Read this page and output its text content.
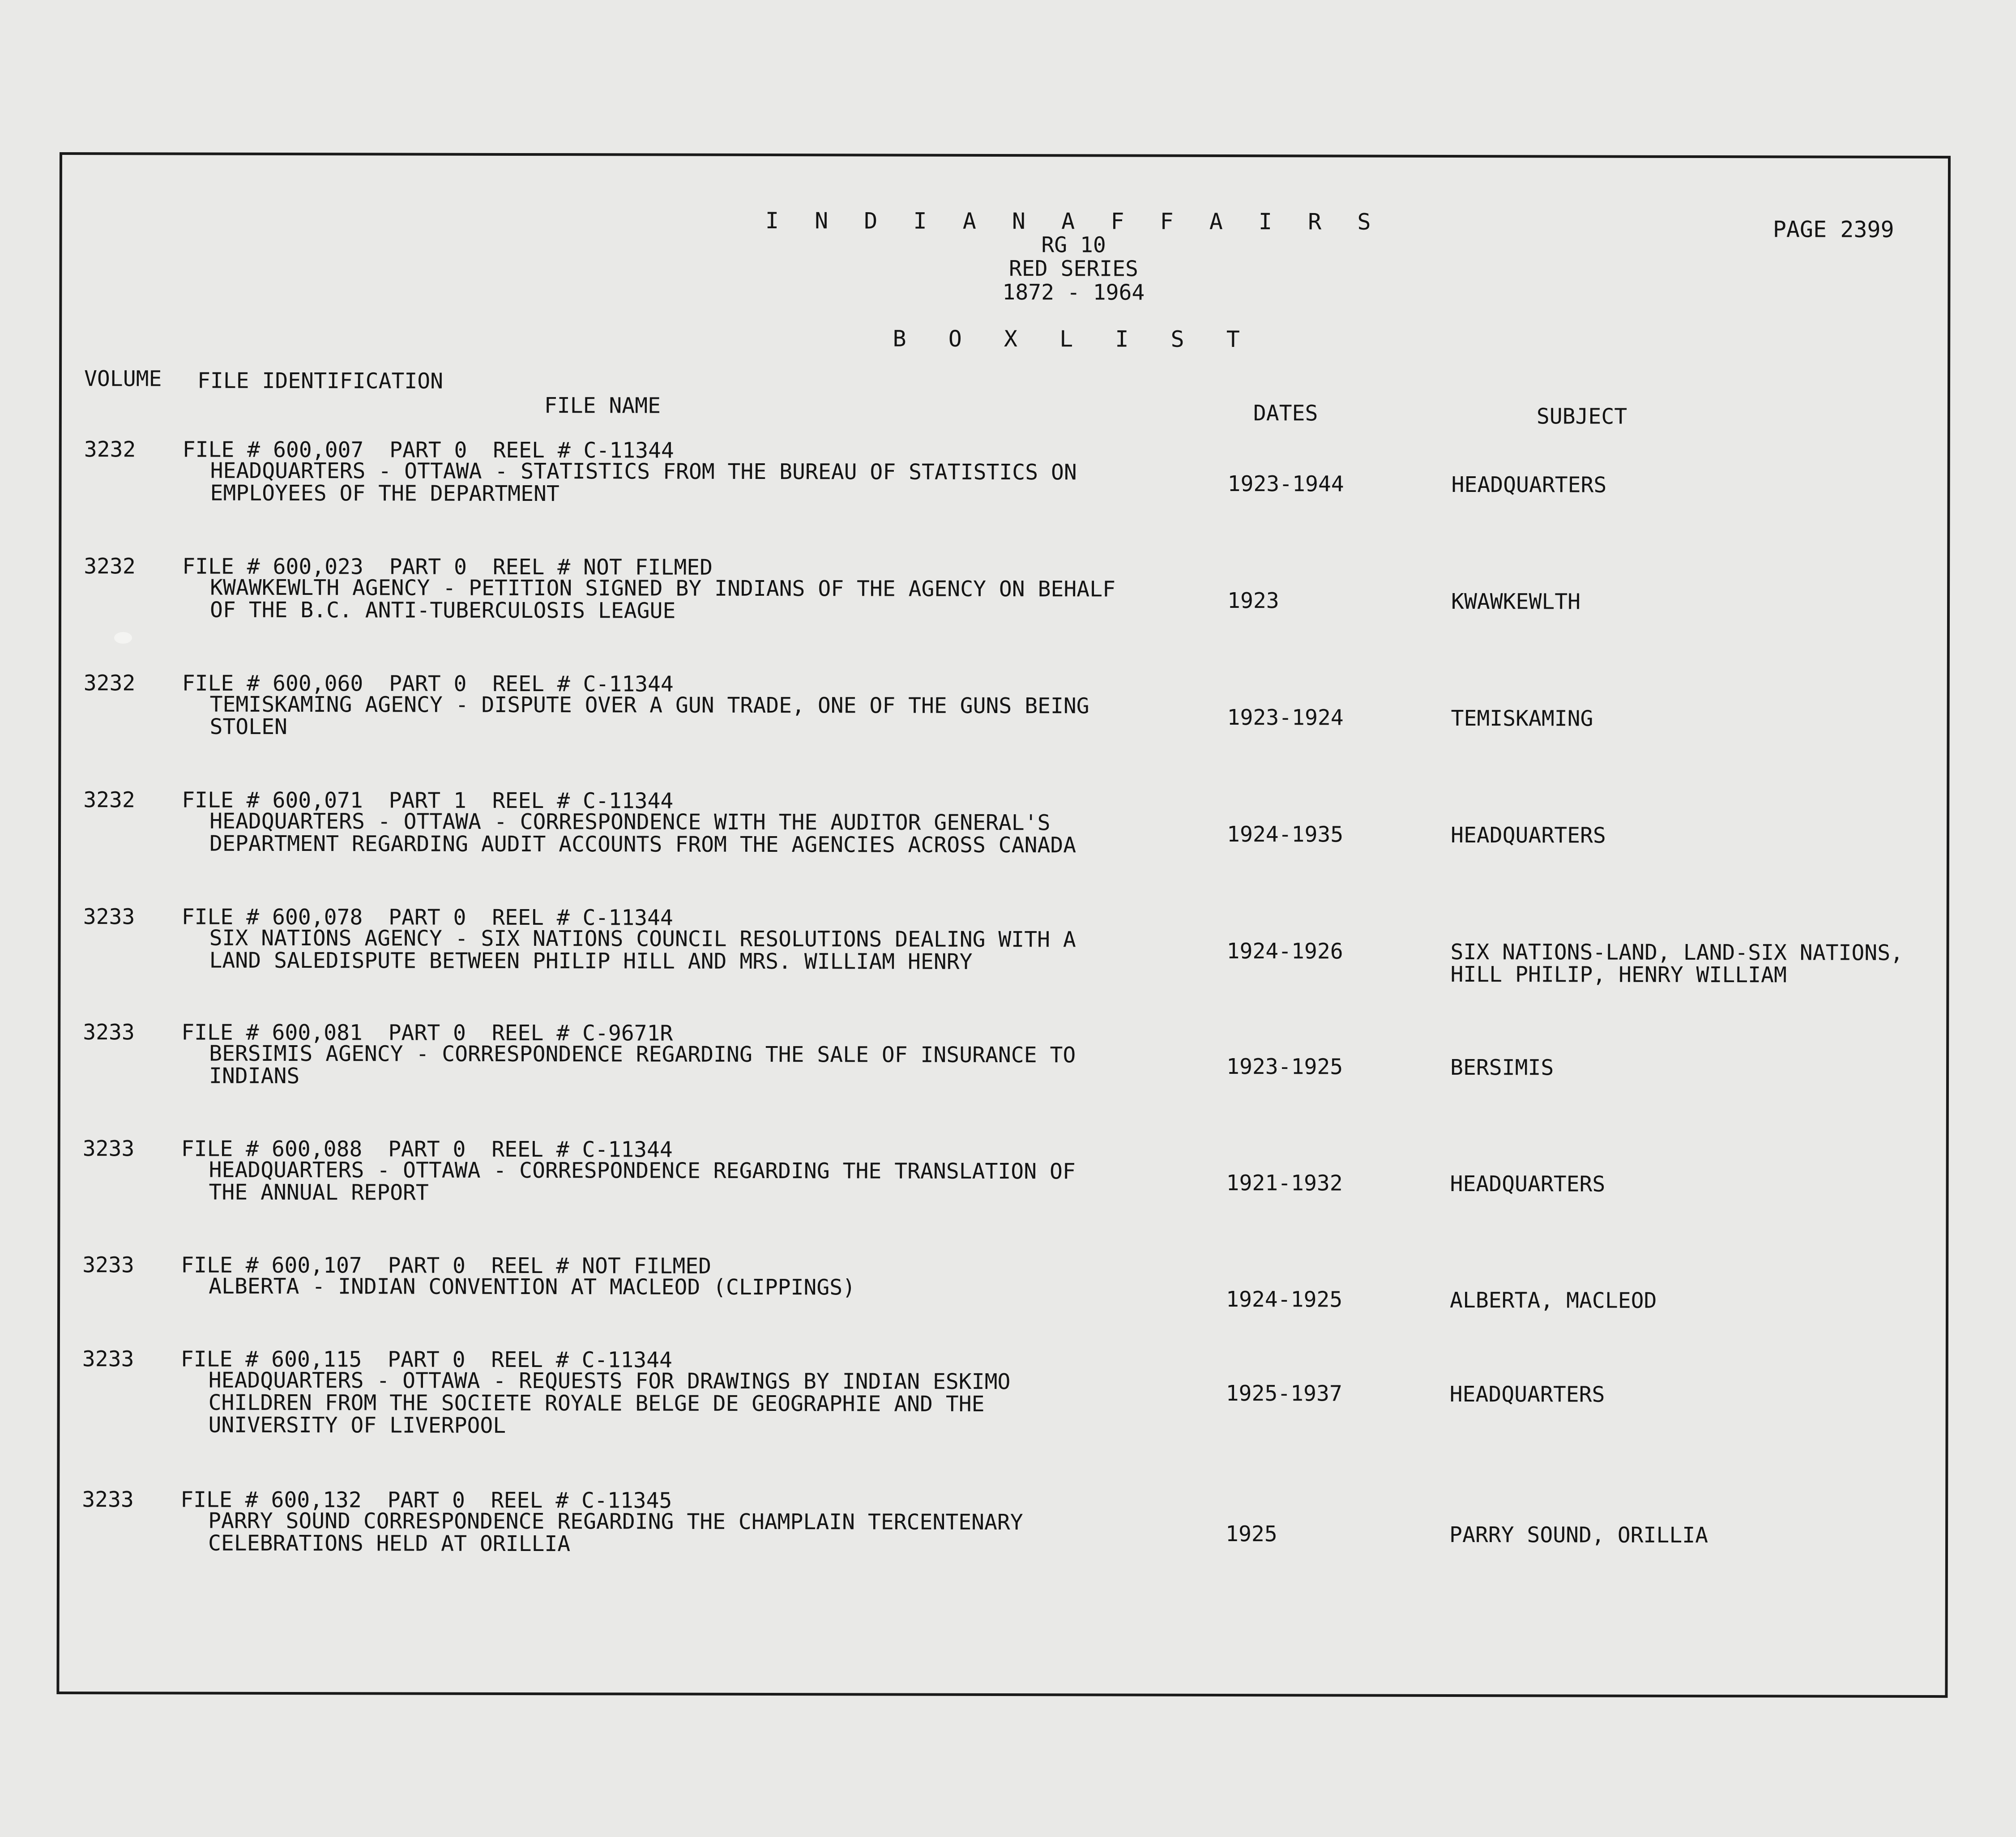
I N D I A N A F F A I R S
RG 10
RED SERIES
1872 - 1964
B O X L I S T
PAGE 2399
VOLUME FILE IDENTIFICATION
FILE NAME	DATES	SUBJECT
3232 FILE # 600,007  PART 0  REEL # C-11344
HEADQUARTERS - OTTAWA - STATISTICS FROM THE BUREAU OF STATISTICS ON
EMPLOYEES OF THE DEPARTMENT	1923-1944	HEADQUARTERS
3232 FILE # 600,023  PART 0  REEL # NOT FILMED
KWAWKEWLTH AGENCY - PETITION SIGNED BY INDIANS OF THE AGENCY ON BEHALF
OF THE B.C. ANTI-TUBERCULOSIS LEAGUE	1923	KWAWKEWLTH
3232 FILE # 600,060  PART 0  REEL # C-11344
TEMISKAMING AGENCY - DISPUTE OVER A GUN TRADE, ONE OF THE GUNS BEING
STOLEN	1923-1924	TEMISKAMING
3232 FILE # 600,071  PART 1  REEL # C-11344
HEADQUARTERS - OTTAWA - CORRESPONDENCE WITH THE AUDITOR GENERAL'S
DEPARTMENT REGARDING AUDIT ACCOUNTS FROM THE AGENCIES ACROSS CANADA	1924-1935	HEADQUARTERS
3233 FILE # 600,078  PART 0  REEL # C-11344
SIX NATIONS AGENCY - SIX NATIONS COUNCIL RESOLUTIONS DEALING WITH A
LAND SALEDISPUTE BETWEEN PHILIP HILL AND MRS. WILLIAM HENRY	1924-1926	SIX NATIONS-LAND, LAND-SIX NATIONS,
HILL PHILIP, HENRY WILLIAM
3233 FILE # 600,081  PART 0  REEL # C-9671R
BERSIMIS AGENCY - CORRESPONDENCE REGARDING THE SALE OF INSURANCE TO
INDIANS	1923-1925	BERSIMIS
3233 FILE # 600,088  PART 0  REEL # C-11344
HEADQUARTERS - OTTAWA - CORRESPONDENCE REGARDING THE TRANSLATION OF
THE ANNUAL REPORT	1921-1932	HEADQUARTERS
3233 FILE # 600,107  PART 0  REEL # NOT FILMED
ALBERTA - INDIAN CONVENTION AT MACLEOD (CLIPPINGS)	1924-1925	ALBERTA, MACLEOD
3233 FILE # 600,115  PART 0  REEL # C-11344
HEADQUARTERS - OTTAWA - REQUESTS FOR DRAWINGS BY INDIAN ESKIMO
CHILDREN FROM THE SOCIETE ROYALE BELGE DE GEOGRAPHIE AND THE
UNIVERSITY OF LIVERPOOL
1925-1937	HEADQUARTERS
3233 FILE # 600,132  PART 0  REEL # C-11345
PARRY SOUND CORRESPONDENCE REGARDING THE CHAMPLAIN TERCENTENARY
CELEBRATIONS HELD AT ORILLIA	1925	PARRY SOUND, ORILLIA
